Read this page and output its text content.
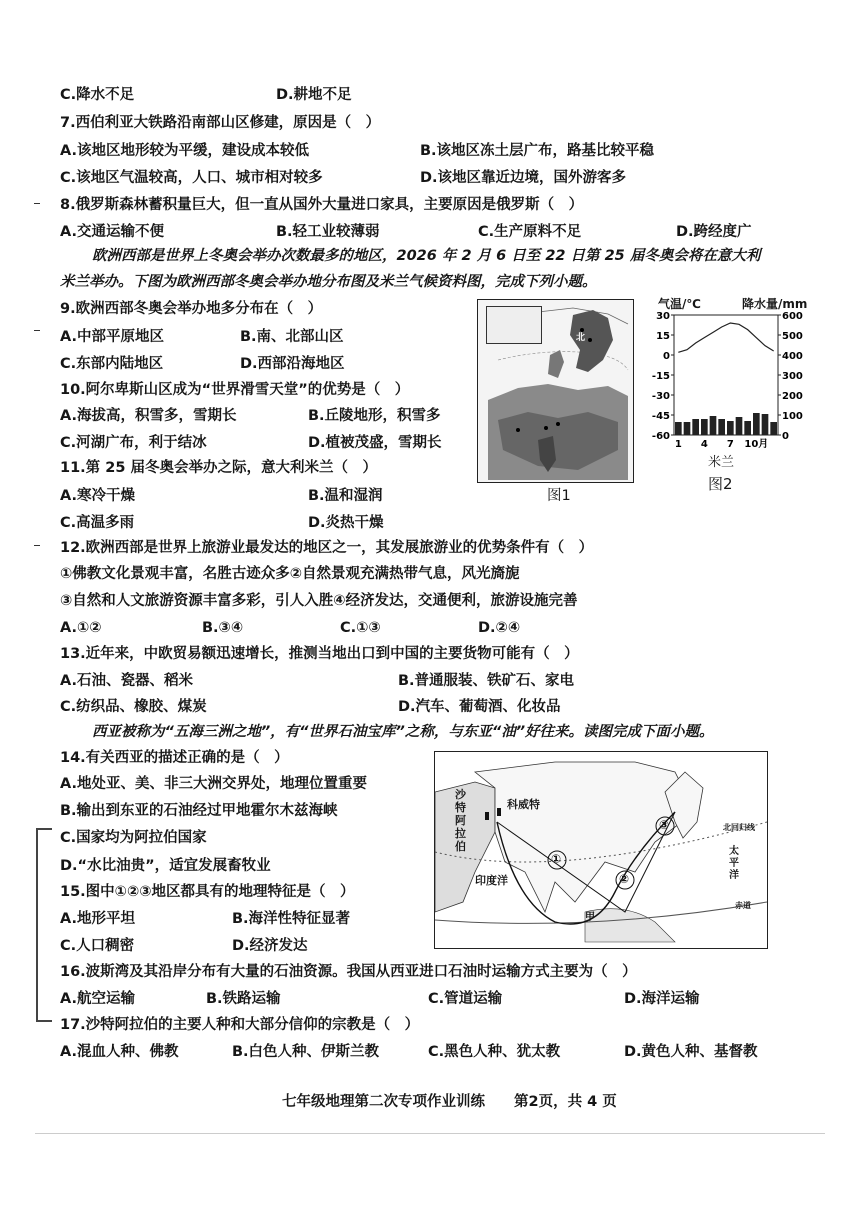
C.降水不足	D.耕地不足
7.西伯利亚大铁路沿南部山区修建，原因是（　）
A.该地区地形较为平缓，建设成本较低	B.该地区冻土层广布，路基比较平稳
C.该地区气温较高，人口、城市相对较多	D.该地区靠近边境，国外游客多
8.俄罗斯森林蓄积量巨大，但一直从国外大量进口家具，主要原因是俄罗斯（　）
A.交通运输不便	B.轻工业较薄弱	C.生产原料不足	D.跨经度广
欧洲西部是世界上冬奥会举办次数最多的地区，2026 年 2 月 6 日至 22 日第 25 届冬奥会将在意大利
米兰举办。下图为欧洲西部冬奥会举办地分布图及米兰气候资料图，完成下列小题。
9.欧洲西部冬奥会举办地多分布在（　）
A.中部平原地区	B.南、北部山区
C.东部内陆地区	D.西部沿海地区
10.阿尔卑斯山区成为“世界滑雪天堂”的优势是（　）
A.海拔高，积雪多，雪期长	B.丘陵地形，积雪多
C.河湖广布，利于结冰	D.植被茂盛，雪期长
11.第 25 届冬奥会举办之际，意大利米兰（　）
A.寒冷干燥	B.温和湿润
C.高温多雨	D.炎热干燥
12.欧洲西部是世界上旅游业最发达的地区之一，其发展旅游业的优势条件有（　）
①佛教文化景观丰富，名胜古迹众多②自然景观充满热带气息，风光旖旎
③自然和人文旅游资源丰富多彩，引人入胜④经济发达，交通便利，旅游设施完善
A.①②	B.③④	C.①③	D.②④
13.近年来，中欧贸易额迅速增长，推测当地出口到中国的主要货物可能有（　）
A.石油、瓷器、稻米	B.普通服装、铁矿石、家电
C.纺织品、橡胶、煤炭	D.汽车、葡萄酒、化妆品
西亚被称为“五海三洲之地”，有“世界石油宝库”之称，与东亚“油”好往来。读图完成下面小题。
14.有关西亚的描述正确的是（　）
A.地处亚、美、非三大洲交界处，地理位置重要
B.输出到东亚的石油经过甲地霍尔木兹海峡
C.国家均为阿拉伯国家
D.“水比油贵”，适宜发展畜牧业
15.图中①②③地区都具有的地理特征是（　）
A.地形平坦	B.海洋性特征显著
C.人口稠密	D.经济发达
16.波斯湾及其沿岸分布有大量的石油资源。我国从西亚进口石油时运输方式主要为（　）
A.航空运输	B.铁路运输	C.管道运输	D.海洋运输
17.沙特阿拉伯的主要人种和大部分信仰的宗教是（　）
A.混血人种、佛教	B.白色人种、伊斯兰教	C.黑色人种、犹太教	D.黄色人种、基督教
七年级地理第二次专项作业训练　　第2页，共 4 页
北
图1
气温/℃	降水量/mm
30
15
0
-15
-30
-45
-60
600
500
400
300
200
100
0
1 4 7 10月
米兰
图2
沙特阿拉伯
科威特
印度洋
太平洋
甲
①
②
③	北回归线
赤道
